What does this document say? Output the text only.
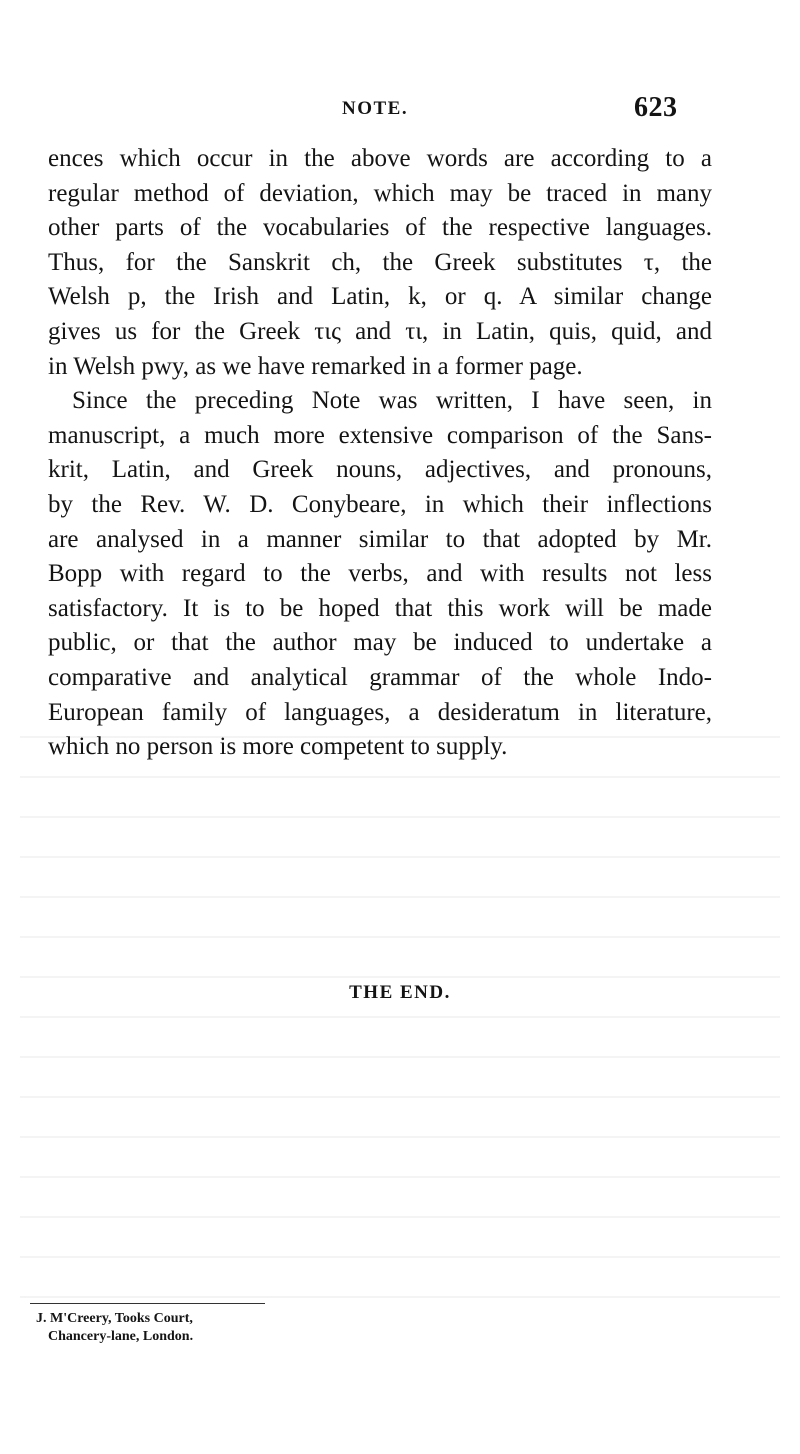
NOTE.	623
ences which occur in the above words are according to a
regular method of deviation, which may be traced in many
other parts of the vocabularies of the respective languages.
Thus, for the Sanskrit ch, the Greek substitutes τ, the
Welsh p, the Irish and Latin, k, or q. A similar change
gives us for the Greek τις and τι, in Latin, quis, quid, and
in Welsh pwy, as we have remarked in a former page.
Since the preceding Note was written, I have seen, in
manuscript, a much more extensive comparison of the Sans-
krit, Latin, and Greek nouns, adjectives, and pronouns,
by the Rev. W. D. Conybeare, in which their inflections
are analysed in a manner similar to that adopted by Mr.
Bopp with regard to the verbs, and with results not less
satisfactory. It is to be hoped that this work will be made
public, or that the author may be induced to undertake a
comparative and analytical grammar of the whole Indo-
European family of languages, a desideratum in literature,
which no person is more competent to supply.
THE END.
J. M'Creery, Tooks Court,
Chancery-lane, London.
